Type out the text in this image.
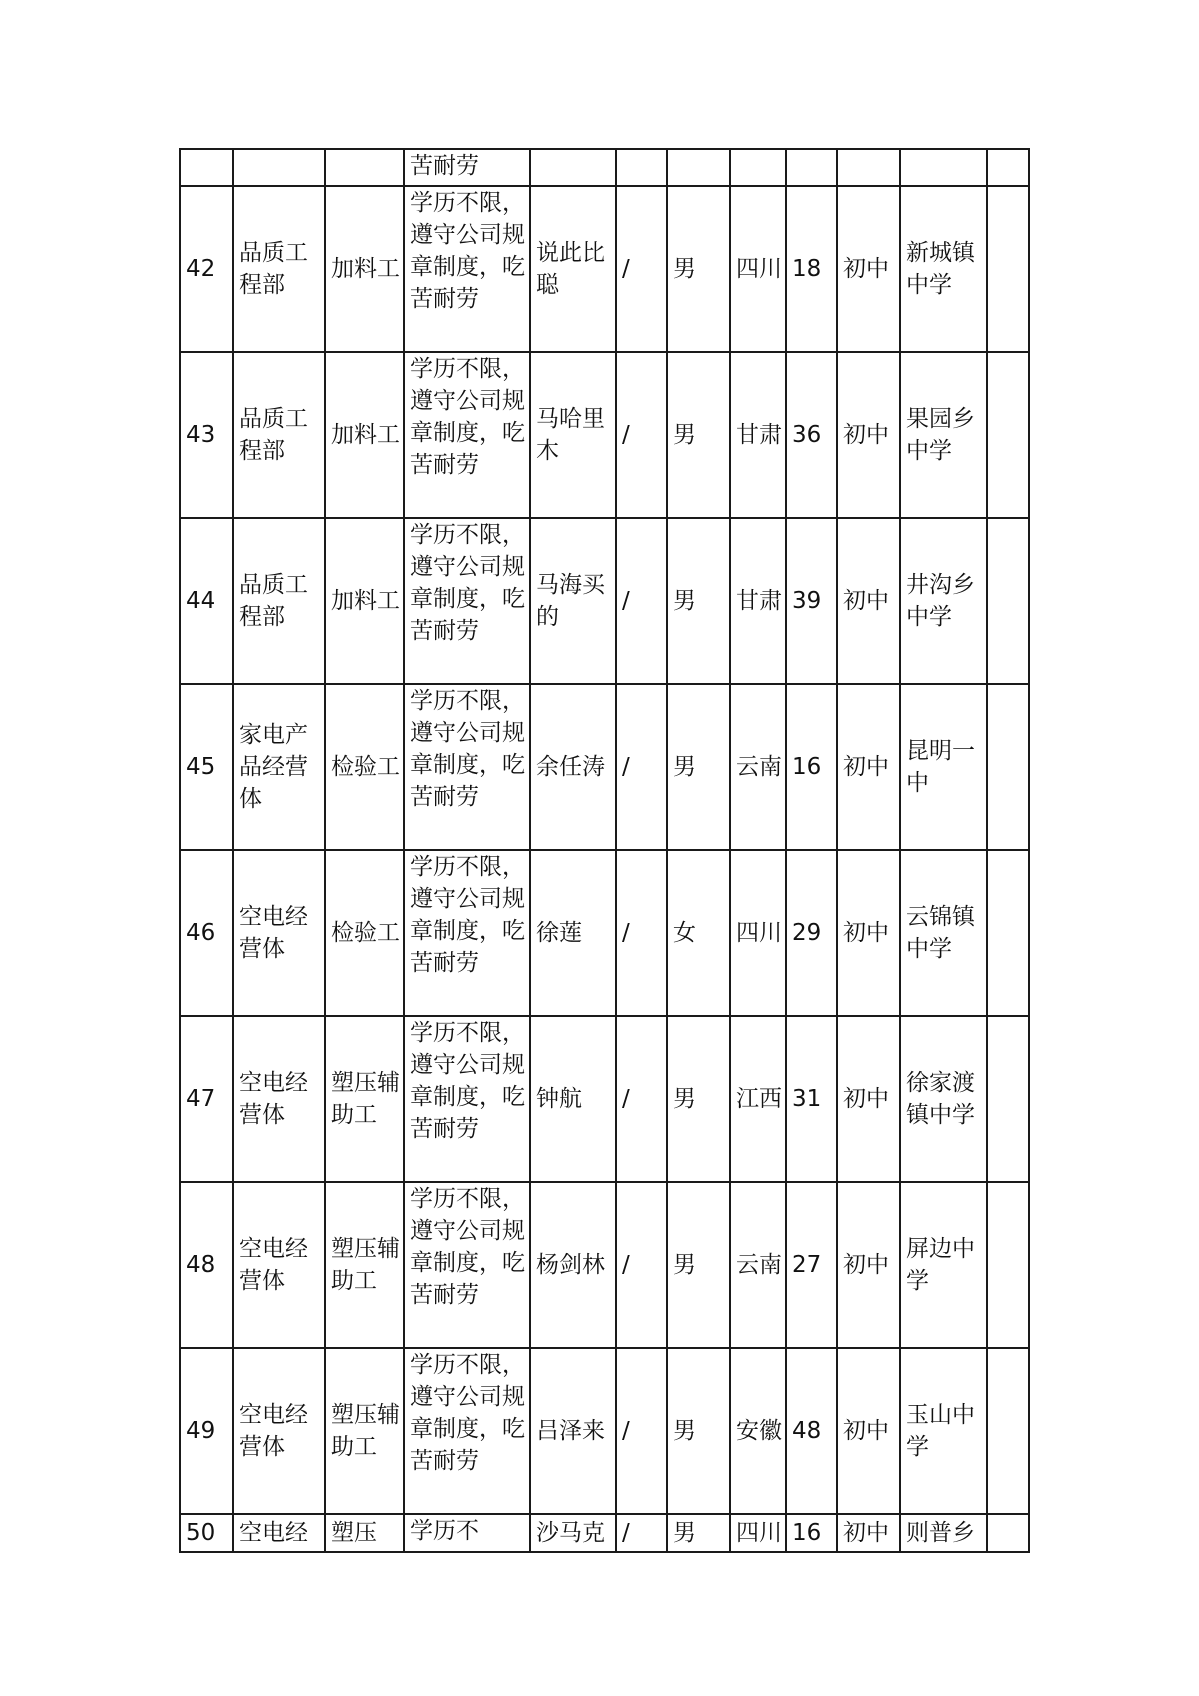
			苦耐劳								
42	品质工程部	加料工	学历不限，遵守公司规章制度，吃苦耐劳	说此比聪	/	男	四川	18	初中	新城镇中学	
43	品质工程部	加料工	学历不限，遵守公司规章制度，吃苦耐劳	马哈里木	/	男	甘肃	36	初中	果园乡中学	
44	品质工程部	加料工	学历不限，遵守公司规章制度，吃苦耐劳	马海买的	/	男	甘肃	39	初中	井沟乡中学	
45	家电产品经营体	检验工	学历不限，遵守公司规章制度，吃苦耐劳	余任涛	/	男	云南	16	初中	昆明一中	
46	空电经营体	检验工	学历不限，遵守公司规章制度，吃苦耐劳	徐莲	/	女	四川	29	初中	云锦镇中学	
47	空电经营体	塑压辅助工	学历不限，遵守公司规章制度，吃苦耐劳	钟航	/	男	江西	31	初中	徐家渡镇中学	
48	空电经营体	塑压辅助工	学历不限，遵守公司规章制度，吃苦耐劳	杨剑林	/	男	云南	27	初中	屏边中学	
49	空电经营体	塑压辅助工	学历不限，遵守公司规章制度，吃苦耐劳	吕泽来	/	男	安徽	48	初中	玉山中学	
50	空电经	塑压	学历不	沙马克	/	男	四川	16	初中	则普乡	
